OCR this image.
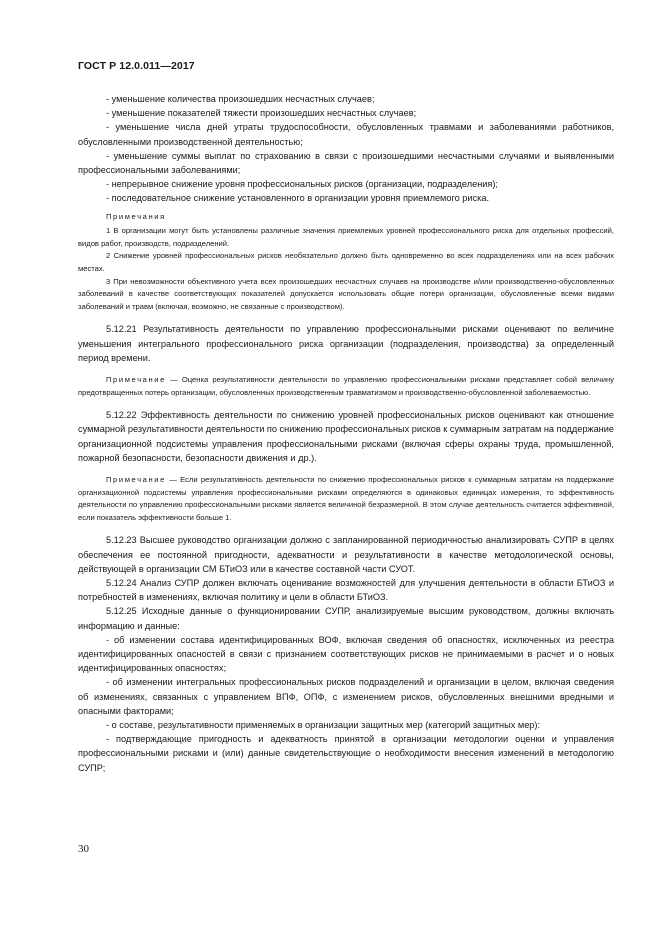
ГОСТ Р 12.0.011—2017

- уменьшение количества произошедших несчастных случаев;

- уменьшение показателей тяжести произошедших несчастных случаев;

- уменьшение числа дней утраты трудоспособности, обусловленных травмами и заболеваниями работников, обусловленными производственной деятельностью;

- уменьшение суммы выплат по страхованию в связи с произошедшими несчастными случаями и выявленными профессиональными заболеваниями;

- непрерывное снижение уровня профессиональных рисков (организации, подразделения);

- последовательное снижение установленного в организации уровня приемлемого риска.

Примечания

1 В организации могут быть установлены различные значения приемлемых уровней профессионального риска для отдельных профессий, видов работ, производств, подразделений.

2 Снижение уровней профессиональных рисков необязательно должно быть одновременно во всех подразделениях или на всех рабочих местах.

3 При невозможности объективного учета всех произошедших несчастных случаев на производстве и/или производственно-обусловленных заболеваний в качестве соответствующих показателей допускается использовать общие потери организации, обусловленные всеми видами заболеваний и травм (включая, возможно, не связанные с производством).

5.12.21 Результативность деятельности по управлению профессиональными рисками оценивают по величине уменьшения интегрального профессионального риска организации (подразделения, производства) за определенный период времени.

Примечание — Оценка результативности деятельности по управлению профессиональными рисками представляет собой величину предотвращенных потерь организации, обусловленных производственным травматизмом и производственно-обусловленной заболеваемостью.

5.12.22 Эффективность деятельности по снижению уровней профессиональных рисков оценивают как отношение суммарной результативности деятельности по снижению профессиональных рисков к суммарным затратам на поддержание организационной подсистемы управления профессиональными рисками (включая сферы охраны труда, промышленной, пожарной безопасности, безопасности движения и др.).

Примечание — Если результативность деятельности по снижению профессиональных рисков к суммарным затратам на поддержание организационной подсистемы управления профессиональными рисками определяются в одинаковых единицах измерения, то эффективность деятельности по управлению профессиональными рисками является величиной безразмерной. В этом случае деятельность считается эффективной, если показатель эффективности больше 1.

5.12.23 Высшее руководство организации должно с запланированной периодичностью анализировать СУПР в целях обеспечения ее постоянной пригодности, адекватности и результативности в качестве методологической основы, действующей в организации СМ БТиОЗ или в качестве составной части СУОТ.

5.12.24 Анализ СУПР должен включать оценивание возможностей для улучшения деятельности в области БТиОЗ и потребностей в изменениях, включая политику и цели в области БТиОЗ.

5.12.25 Исходные данные о функционировании СУПР, анализируемые высшим руководством, должны включать информацию и данные:

- об изменении состава идентифицированных ВОФ, включая сведения об опасностях, исключенных из реестра идентифицированных опасностей в связи с признанием соответствующих рисков не принимаемыми в расчет и о новых идентифицированных опасностях;

- об изменении интегральных профессиональных рисков подразделений и организации в целом, включая сведения об изменениях, связанных с управлением ВПФ, ОПФ, с изменением рисков, обусловленных внешними вредными и опасными факторами;

- о составе, результативности применяемых в организации защитных мер (категорий защитных мер):

- подтверждающие пригодность и адекватность принятой в организации методологии оценки и управления профессиональными рисками и (или) данные свидетельствующие о необходимости внесения изменений в методологию СУПР;

30
